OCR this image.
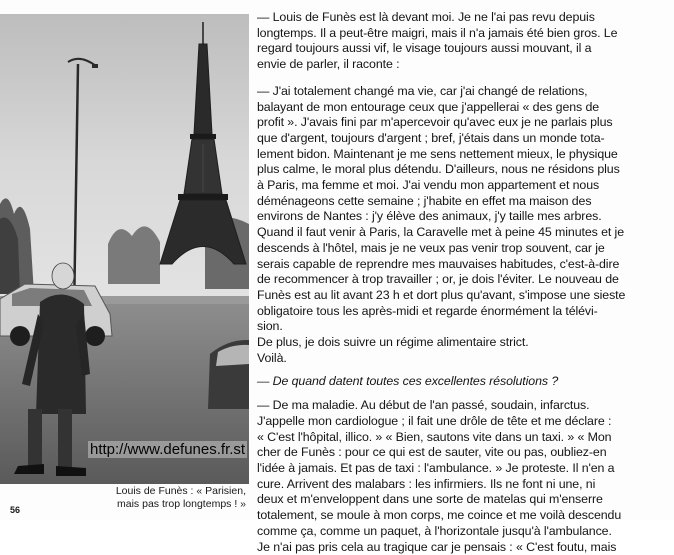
http://www.defunes.fr.st
Louis de Funès : « Parisien,
mais pas trop longtemps ! »
56
— Louis de Funès est là devant moi. Je ne l'ai pas revu depuis
longtemps. Il a peut-être maigri, mais il n'a jamais été bien gros. Le
regard toujours aussi vif, le visage toujours aussi mouvant, il a
envie de parler, il raconte :
— J'ai totalement changé ma vie, car j'ai changé de relations,
balayant de mon entourage ceux que j'appellerai « des gens de
profit ». J'avais fini par m'apercevoir qu'avec eux je ne parlais plus
que d'argent, toujours d'argent ; bref, j'étais dans un monde tota-
lement bidon. Maintenant je me sens nettement mieux, le physique
plus calme, le moral plus détendu. D'ailleurs, nous ne résidons plus
à Paris, ma femme et moi. J'ai vendu mon appartement et nous
déménageons cette semaine ; j'habite en effet ma maison des
environs de Nantes : j'y élève des animaux, j'y taille mes arbres.
Quand il faut venir à Paris, la Caravelle met à peine 45 minutes et je
descends à l'hôtel, mais je ne veux pas venir trop souvent, car je
serais capable de reprendre mes mauvaises habitudes, c'est-à-dire
de recommencer à trop travailler ; or, je dois l'éviter. Le nouveau de
Funès est au lit avant 23 h et dort plus qu'avant, s'impose une sieste
obligatoire tous les après-midi et regarde énormément la télévi-
sion.
De plus, je dois suivre un régime alimentaire strict.
Voilà.
— De quand datent toutes ces excellentes résolutions ?
— De ma maladie. Au début de l'an passé, soudain, infarctus.
J'appelle mon cardiologue ; il fait une drôle de tête et me déclare :
« C'est l'hôpital, illico. » « Bien, sautons vite dans un taxi. » « Mon
cher de Funès : pour ce qui est de sauter, vite ou pas, oubliez-en
l'idée à jamais. Et pas de taxi : l'ambulance. » Je proteste. Il n'en a
cure. Arrivent des malabars : les infirmiers. Ils ne font ni une, ni
deux et m'enveloppent dans une sorte de matelas qui m'enserre
totalement, se moule à mon corps, me coince et me voilà descendu
comme ça, comme un paquet, à l'horizontale jusqu'à l'ambulance.
Je n'ai pas pris cela au tragique car je pensais : « C'est foutu, mais
